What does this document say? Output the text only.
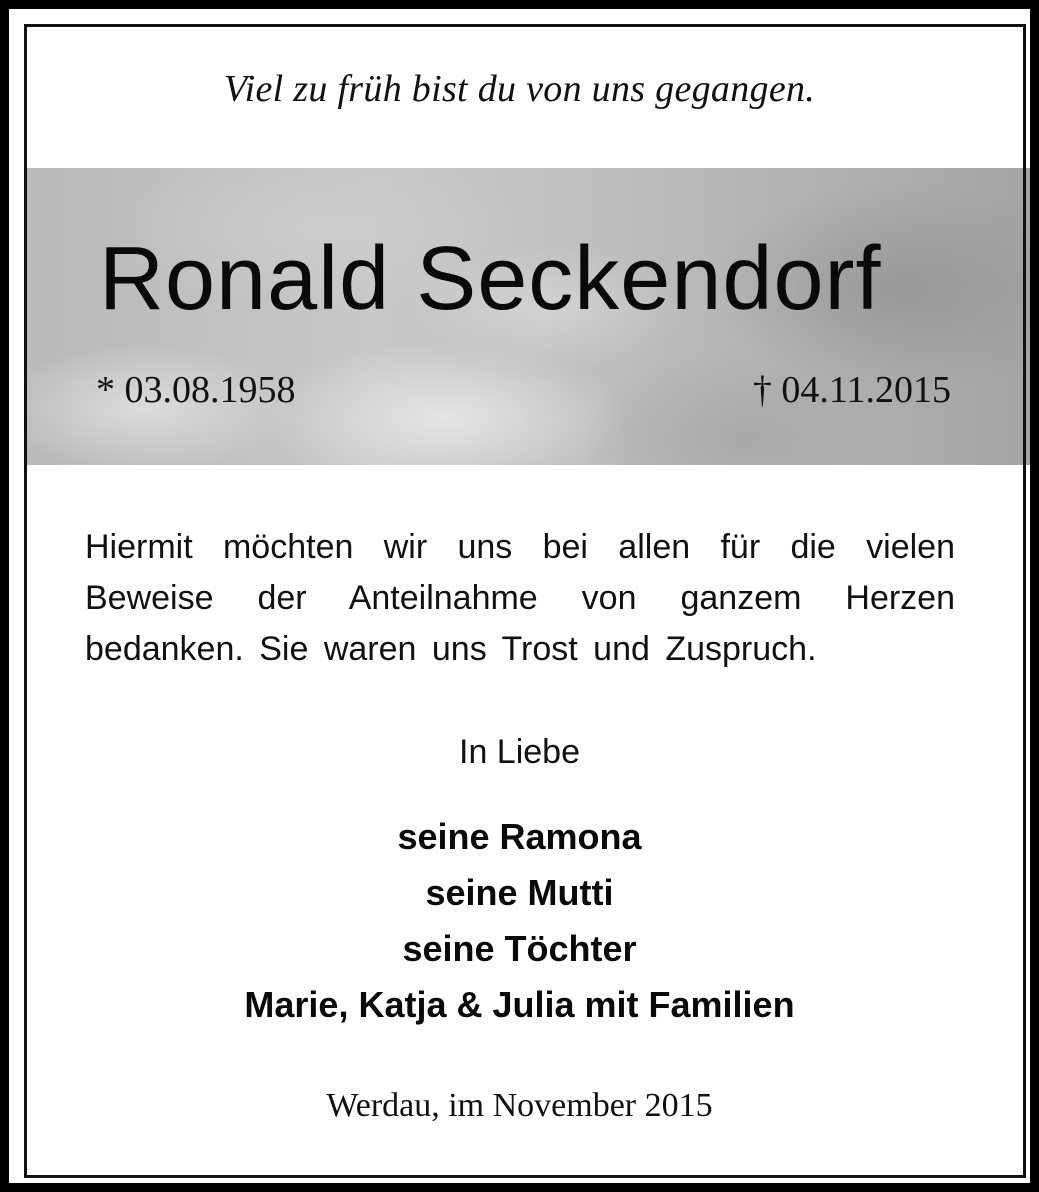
Viel zu früh bist du von uns gegangen.
Ronald Seckendorf
* 03.08.1958	† 04.11.2015
Hiermit möchten wir uns bei allen für die vielen
Beweise der Anteilnahme von ganzem Herzen
bedanken. Sie waren uns Trost und Zuspruch.
In Liebe
seine Ramona
seine Mutti
seine Töchter
Marie, Katja & Julia mit Familien
Werdau, im November 2015
